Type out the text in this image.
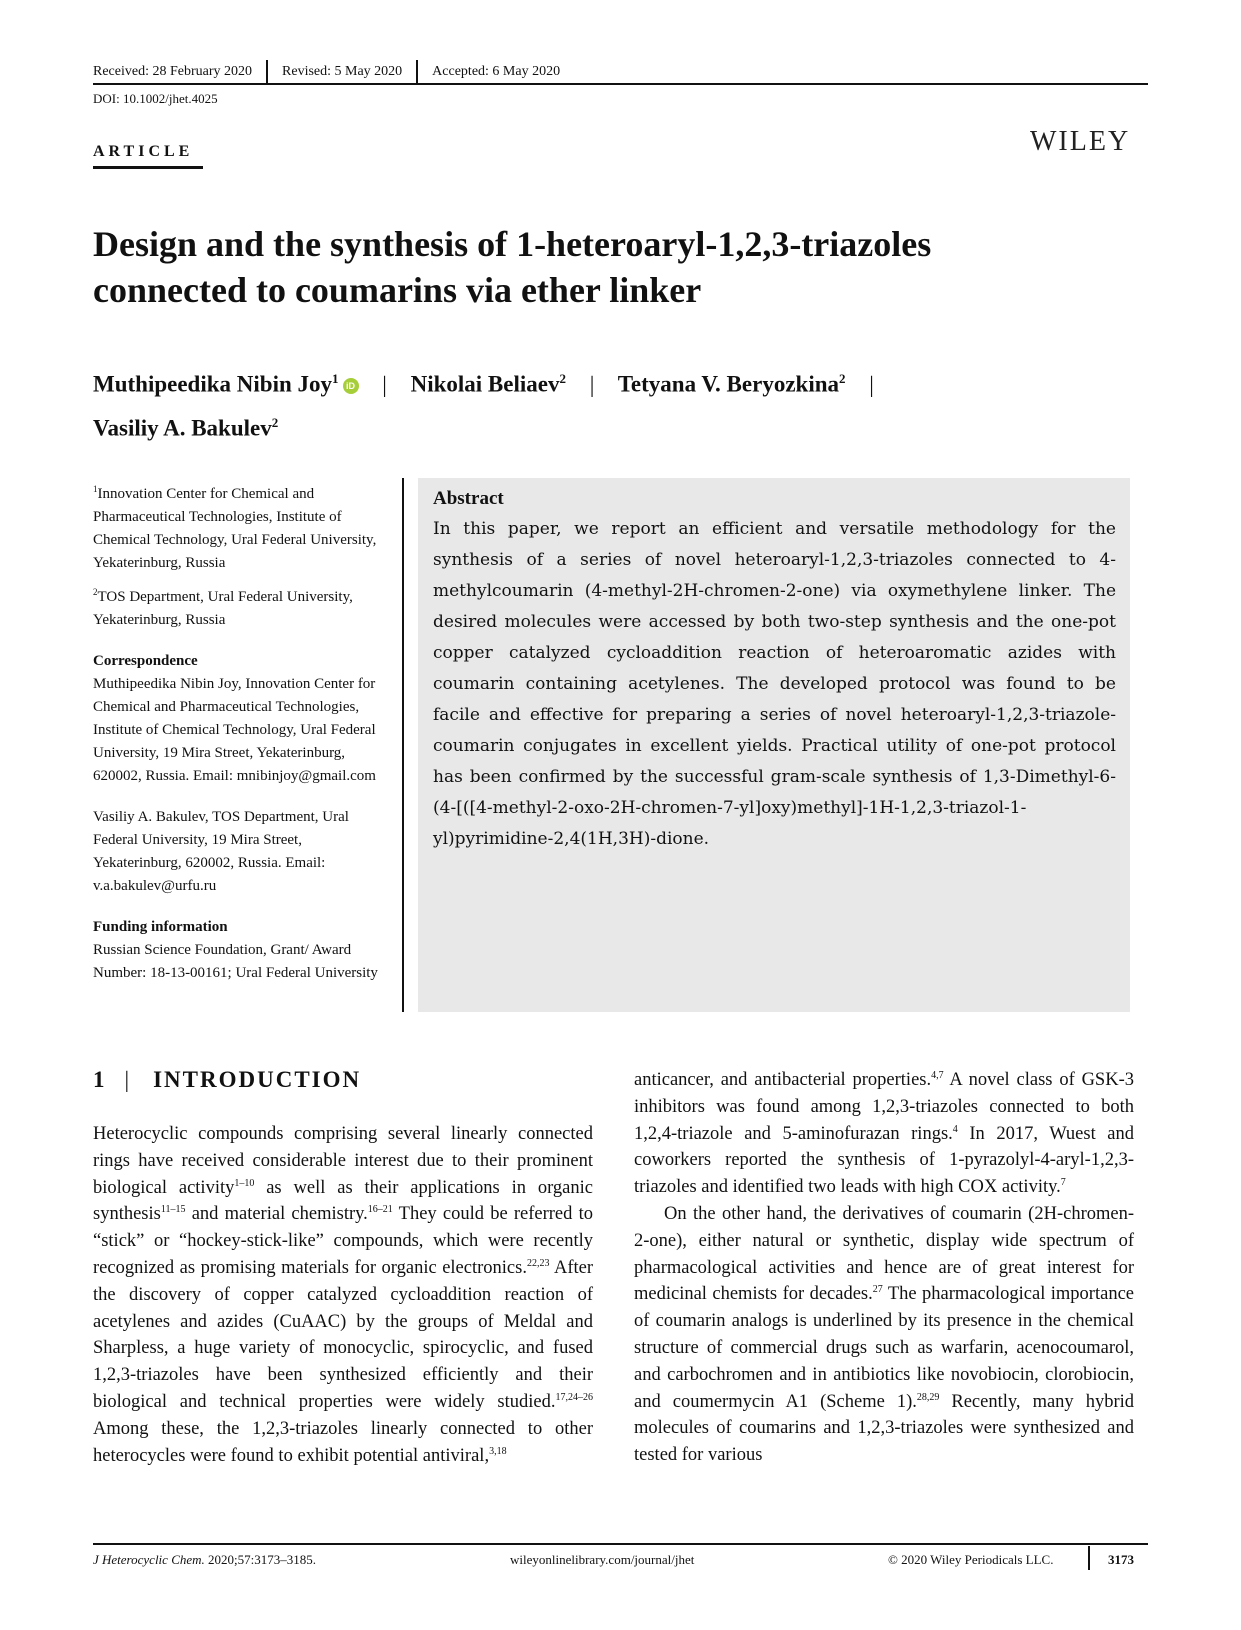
Received: 28 February 2020 Revised: 5 May 2020 Accepted: 6 May 2020
DOI: 10.1002/jhet.4025
ARTICLE	WILEY
Design and the synthesis of 1-heteroaryl-1,2,3-triazoles connected to coumarins via ether linker
Muthipeedika Nibin Joy$^1$iD | Nikolai Beliaev$^2$ | Tetyana V. Beryozkina$^2$ |
Vasiliy A. Bakulev$^2$

$^1$Innovation Center for Chemical and Pharmaceutical Technologies, Institute of Chemical Technology, Ural Federal University, Yekaterinburg, Russia

$^2$TOS Department, Ural Federal University, Yekaterinburg, Russia

Correspondence

Muthipeedika Nibin Joy, Innovation Center for Chemical and Pharmaceutical Technologies, Institute of Chemical Technology, Ural Federal University, 19 Mira Street, Yekaterinburg, 620002, Russia. Email: mnibinjoy@gmail.com

Vasiliy A. Bakulev, TOS Department, Ural Federal University, 19 Mira Street, Yekaterinburg, 620002, Russia. Email: v.a.bakulev@urfu.ru

Funding information

Russian Science Foundation, Grant/ Award Number: 18-13-00161; Ural Federal University

Abstract

In this paper, we report an efficient and versatile methodology for the synthesis of a series of novel heteroaryl-1,2,3-triazoles connected to 4-methylcoumarin (4-methyl-2H-chromen-2-one) via oxymethylene linker. The desired molecules were accessed by both two-step synthesis and the one-pot copper catalyzed cycloaddition reaction of heteroaromatic azides with coumarin containing acetylenes. The developed protocol was found to be facile and effective for preparing a series of novel heteroaryl-1,2,3-triazole-coumarin conjugates in excellent yields. Practical utility of one-pot protocol has been confirmed by the successful gram-scale synthesis of 1,3-Dimethyl-6-(4-[([4-methyl-2-oxo-2H-chromen-7-yl]oxy)methyl]-1H-1,2,3-triazol-1-yl)pyrimidine-2,4(1H,3H)-dione.

1 | INTRODUCTION

Heterocyclic compounds comprising several linearly connected rings have received considerable interest due to their prominent biological activity$^{1-10}$ as well as their applications in organic synthesis$^{11-15}$ and material chemistry.$^{16-21}$ They could be referred to “stick” or “hockey-stick-like” compounds, which were recently recognized as promising materials for organic electronics.$^{22,23}$ After the discovery of copper catalyzed cycloaddition reaction of acetylenes and azides (CuAAC) by the groups of Meldal and Sharpless, a huge variety of monocyclic, spirocyclic, and fused 1,2,3-triazoles have been synthesized efficiently and their biological and technical properties were widely studied.$^{17,24-26}$ Among these, the 1,2,3-triazoles linearly connected to other heterocycles were found to exhibit potential antiviral,$^{3,18}$

anticancer, and antibacterial properties.$^{4,7}$ A novel class of GSK-3 inhibitors was found among 1,2,3-triazoles connected to both 1,2,4-triazole and 5-aminofurazan rings.$^4$ In 2017, Wuest and coworkers reported the synthesis of 1-pyrazolyl-4-aryl-1,2,3-triazoles and identified two leads with high COX activity.$^7$

On the other hand, the derivatives of coumarin (2H-chromen-2-one), either natural or synthetic, display wide spectrum of pharmacological activities and hence are of great interest for medicinal chemists for decades.$^{27}$ The pharmacological importance of coumarin analogs is underlined by its presence in the chemical structure of commercial drugs such as warfarin, acenocoumarol, and carbochromen and in antibiotics like novobiocin, clorobiocin, and coumermycin A1 (Scheme 1).$^{28,29}$ Recently, many hybrid molecules of coumarins and 1,2,3-triazoles were synthesized and tested for various

J Heterocyclic Chem. 2020;57:3173–3185.	wileyonlinelibrary.com/journal/jhet	© 2020 Wiley Periodicals LLC.	3173
